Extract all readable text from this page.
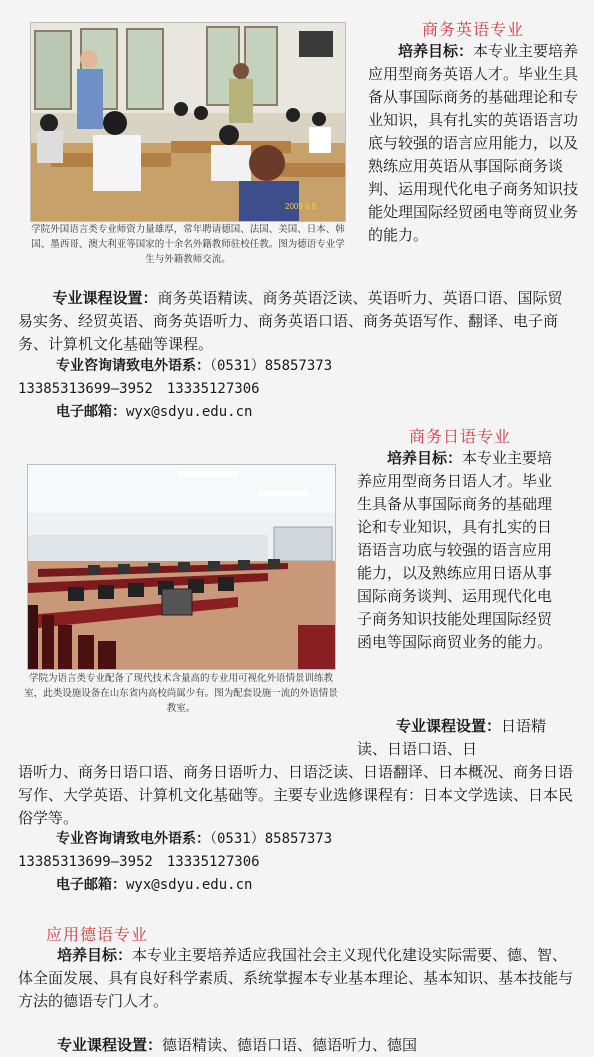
2009 6 8
学院外国语言类专业师资力量雄厚，常年聘请德国、法国、美国、日本、韩国、墨西哥、澳大利亚等国家的十余名外籍教师驻校任教。图为德语专业学生与外籍教师交流。
商务英语专业

培养目标：本专业主要培养应用型商务英语人才。毕业生具备从事国际商务的基础理论和专业知识，具有扎实的英语语言功底与较强的语言应用能力，以及熟练应用英语从事国际商务谈判、运用现代化电子商务知识技能处理国际经贸函电等商贸业务的能力。

专业课程设置：商务英语精读、商务英语泛读、英语听力、英语口语、国际贸易实务、经贸英语、商务英语听力、商务英语口语、商务英语写作、翻译、电子商务、计算机文化基础等课程。

专业咨询请致电外语系：（0531）85857373
13385313699—3952　13335127306
电子邮箱：wyx@sdyu.edu.cn
商务日语专业
学院为语言类专业配备了现代技术含量高的专业用可视化外语情景训练教室，此类设施设备在山东省内高校尚属少有。图为配套设施一流的外语情景教室。

培养目标：本专业主要培养应用型商务日语人才。毕业生具备从事国际商务的基础理论和专业知识，具有扎实的日语语言功底与较强的语言应用能力，以及熟练应用日语从事国际商务谈判、运用现代化电子商务知识技能处理国际经贸函电等国际商贸业务的能力。

专业课程设置：日语精读、日语口语、日
语听力、商务日语口语、商务日语听力、日语泛读、日语翻译、日本概况、商务日语写作、大学英语、计算机文化基础等。主要专业选修课程有：日本文学选读、日本民俗学等。
专业咨询请致电外语系：（0531）85857373
13385313699—3952　13335127306
电子邮箱：wyx@sdyu.edu.cn
应用德语专业

培养目标：本专业主要培养适应我国社会主义现代化建设实际需要、德、智、体全面发展、具有良好科学素质、系统掌握本专业基本理论、基本知识、基本技能与方法的德语专门人才。

专业课程设置：德语精读、德语口语、德语听力、德国
